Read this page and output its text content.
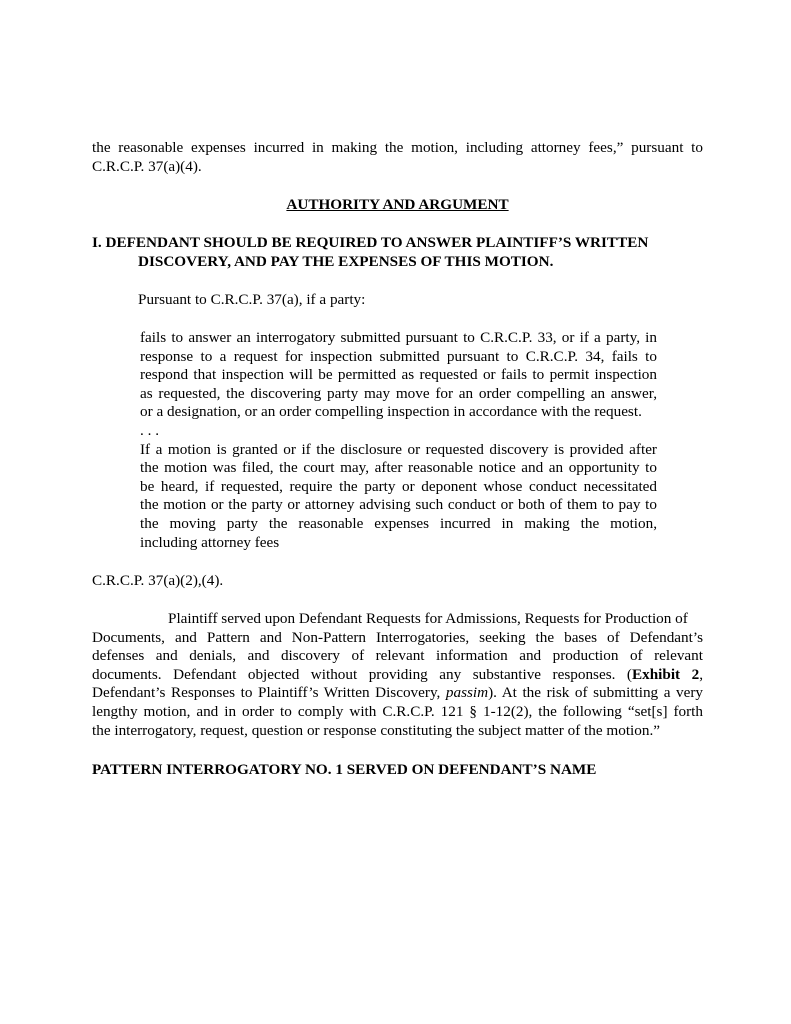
the reasonable expenses incurred in making the motion, including attorney fees,” pursuant to
C.R.C.P. 37(a)(4).
AUTHORITY AND ARGUMENT
I. DEFENDANT SHOULD BE REQUIRED TO ANSWER PLAINTIFF’S WRITTEN
DISCOVERY, AND PAY THE EXPENSES OF THIS MOTION.
Pursuant to C.R.C.P. 37(a), if a party:
fails to answer an interrogatory submitted pursuant to C.R.C.P. 33, or if a party, in
response to a request for inspection submitted pursuant to C.R.C.P. 34, fails to
respond that inspection will be permitted as requested or fails to permit inspection
as requested, the discovering party may move for an order compelling an answer,
or a designation, or an order compelling inspection in accordance with the request.
. . .
If a motion is granted or if the disclosure or requested discovery is provided after
the motion was filed, the court may, after reasonable notice and an opportunity to
be heard, if requested, require the party or deponent whose conduct necessitated
the motion or the party or attorney advising such conduct or both of them to pay to
the moving party the reasonable expenses incurred in making the motion,
including attorney fees
C.R.C.P. 37(a)(2),(4).
Plaintiff served upon Defendant Requests for Admissions, Requests for Production of
Documents, and Pattern and Non-Pattern Interrogatories, seeking the bases of Defendant’s
defenses and denials, and discovery of relevant information and production of relevant
documents. Defendant objected without providing any substantive responses. (Exhibit 2,
Defendant’s Responses to Plaintiff’s Written Discovery, passim). At the risk of submitting a very
lengthy motion, and in order to comply with C.R.C.P. 121 § 1-12(2), the following “set[s] forth
the interrogatory, request, question or response constituting the subject matter of the motion.”
PATTERN INTERROGATORY NO. 1 SERVED ON DEFENDANT’S NAME
